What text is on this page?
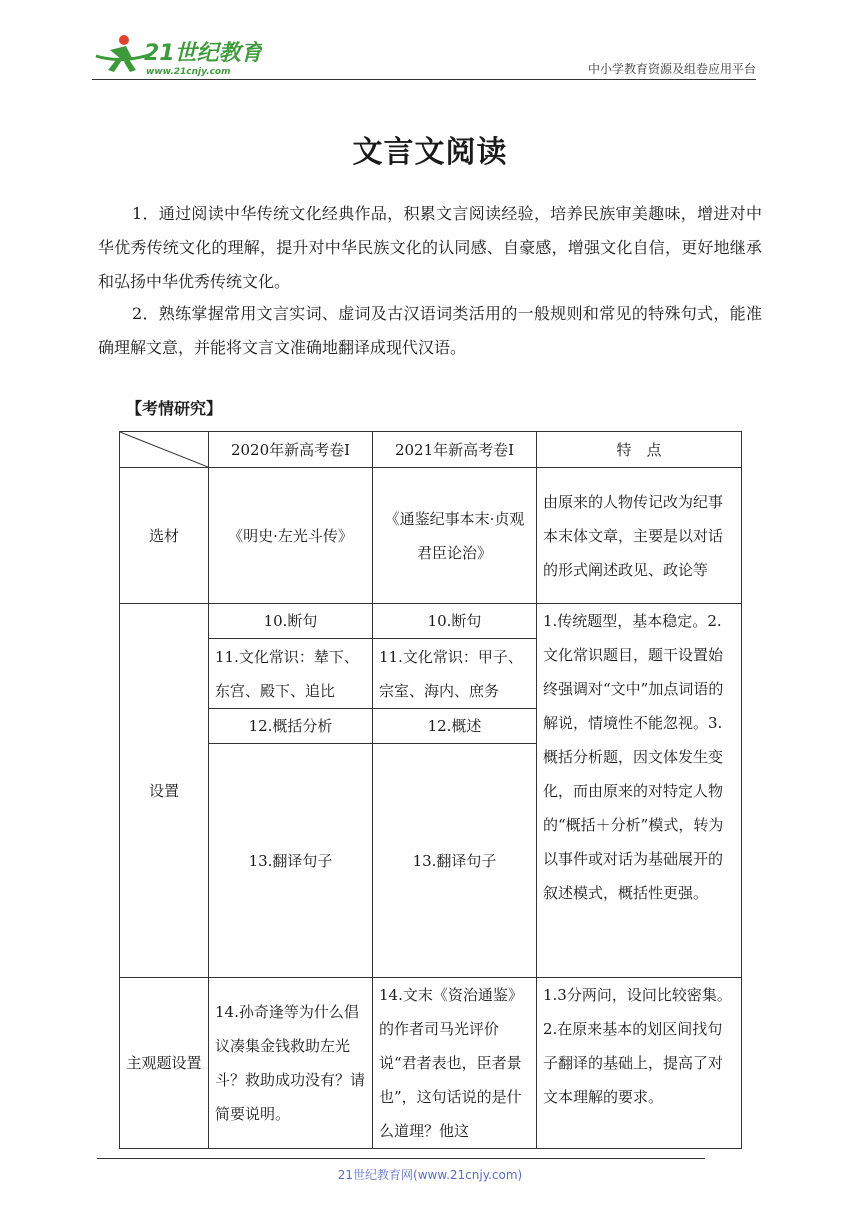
21世纪教育
www.21cnjy.com	中小学教育资源及组卷应用平台
文言文阅读

1．通过阅读中华传统文化经典作品，积累文言阅读经验，培养民族审美趣味，增进对中华优秀传统文化的理解，提升对中华民族文化的认同感、自豪感，增强文化自信，更好地继承和弘扬中华优秀传统文化。

2．熟练掌握常用文言实词、虚词及古汉语词类活用的一般规则和常见的特殊句式，能准确理解文意，并能将文言文准确地翻译成现代汉语。

【考情研究】
	2020年新高考卷Ⅰ	2021年新高考卷Ⅰ	特　点
选材	《明史·左光斗传》	《通鉴纪事本末·贞观君臣论治》	由原来的人物传记改为纪事本末体文章，主要是以对话的形式阐述政见、政论等
设置	10.断句	10.断句	1.传统题型，基本稳定。2.文化常识题目，题干设置始终强调对“文中”加点词语的解说，情境性不能忽视。3.概括分析题，因文体发生变化，而由原来的对特定人物的“概括＋分析”模式，转为以事件或对话为基础展开的叙述模式，概括性更强。
	11.文化常识：辇下、东宫、殿下、追比	11.文化常识：甲子、宗室、海内、庶务	
	12.概括分析	12.概述	
	13.翻译句子	13.翻译句子	
主观题设置	14.孙奇逢等为什么倡议凑集金钱救助左光斗？救助成功没有？请简要说明。	14.文末《资治通鉴》的作者司马光评价说“君者表也，臣者景也”，这句话说的是什么道理？他这	1.3分两问，设问比较密集。2.在原来基本的划区间找句子翻译的基础上，提高了对文本理解的要求。
21世纪教育网(www.21cnjy.com)
